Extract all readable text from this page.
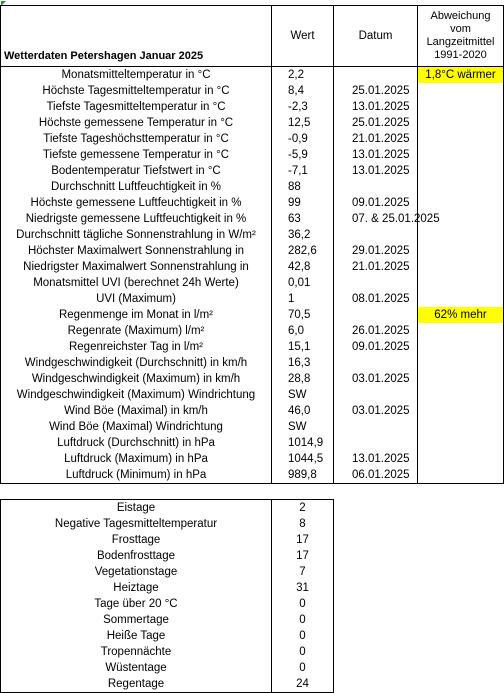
Wetterdaten Petershagen Januar 2025	Wert	Datum	Abweichung
vom
Langzeitmittel
1991-2020
Monatsmitteltemperatur in °C	2,2		1,8°C wärmer
Höchste Tagesmitteltemperatur in °C	8,4	25.01.2025	
Tiefste Tagesmitteltemperatur in °C	-2,3	13.01.2025	
Höchste gemessene Temperatur in °C	12,5	25.01.2025	
Tiefste Tageshöchsttemperatur in °C	-0,9	21.01.2025	
Tiefste gemessene Temperatur in °C	-5,9	13.01.2025	
Bodentemperatur Tiefstwert in °C	-7,1	13.01.2025	
Durchschnitt Luftfeuchtigkeit in %	88		
Höchste gemessene Luftfeuchtigkeit in %	99	09.01.2025	
Niedrigste gemessene Luftfeuchtigkeit in %	63	07. & 25.01.2025	
Durchschnitt tägliche Sonnenstrahlung in W/m²	36,2		
Höchster Maximalwert Sonnenstrahlung in	282,6	29.01.2025	
Niedrigster Maximalwert Sonnenstrahlung in	42,8	21.01.2025	
Monatsmittel UVI (berechnet 24h Werte)	0,01		
UVI (Maximum)	1	08.01.2025	
Regenmenge im Monat in l/m²	70,5		62% mehr
Regenrate (Maximum) l/m²	6,0	26.01.2025	
Regenreichster Tag in l/m²	15,1	09.01.2025	
Windgeschwindigkeit (Durchschnitt) in km/h	16,3		
Windgeschwindigkeit (Maximum) in km/h	28,8	03.01.2025	
Windgeschwindigkeit (Maximum) Windrichtung	SW		
Wind Böe (Maximal) in km/h	46,0	03.01.2025	
Wind Böe (Maximal) Windrichtung	SW		
Luftdruck (Durchschnitt) in hPa	1014,9		
Luftdruck (Maximum) in hPa	1044,5	13.01.2025	
Luftdruck (Minimum) in hPa	989,8	06.01.2025	
Eistage	2	
Negative Tagesmitteltemperatur	8	
Frosttage	17	
Bodenfrosttage	17	
Vegetationstage	7	
Heiztage	31	
Tage über 20 °C	0	
Sommertage	0	
Heiße Tage	0	
Tropennächte	0	
Wüstentage	0	
Regentage	24	
